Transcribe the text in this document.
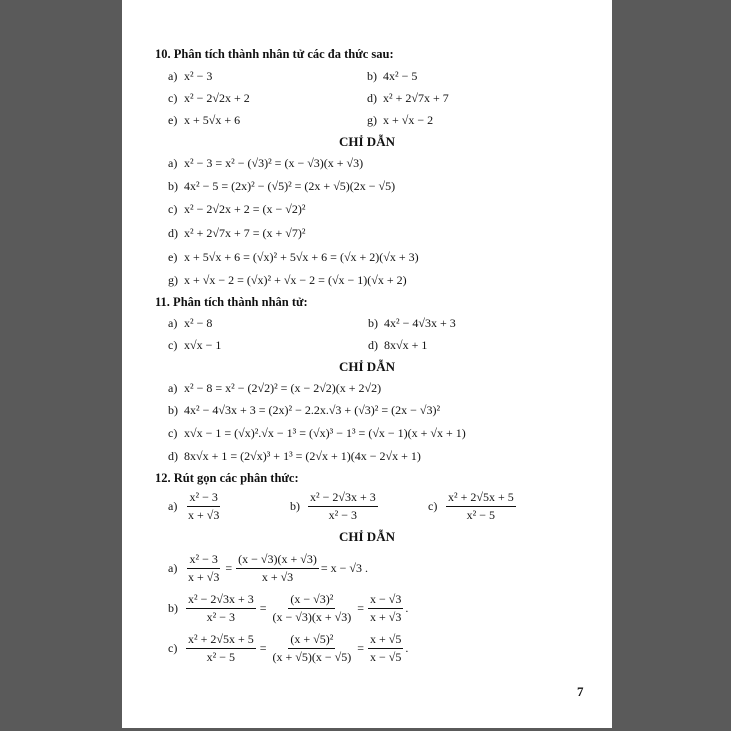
10. Phân tích thành nhân tử các đa thức sau:
a) x² − 3	b) 4x² − 5
c) x² − 2√2x + 2	d) x² + 2√7x + 7
e) x + 5√x + 6	g) x + √x − 2
CHỈ DẪN
a) x² − 3 = x² − (√3)² = (x − √3)(x + √3)
b) 4x² − 5 = (2x)² − (√5)² = (2x + √5)(2x − √5)
c) x² − 2√2x + 2 = (x − √2)²
d) x² + 2√7x + 7 = (x + √7)²
e) x + 5√x + 6 = (√x)² + 5√x + 6 = (√x + 2)(√x + 3)
g) x + √x − 2 = (√x)² + √x − 2 = (√x − 1)(√x + 2)
11. Phân tích thành nhân tử:
a) x² − 8	b) 4x² − 4√3x + 3
c) x√x − 1	d) 8x√x + 1
CHỈ DẪN
a) x² − 8 = x² − (2√2)² = (x − 2√2)(x + 2√2)
b) 4x² − 4√3x + 3 = (2x)² − 2.2x.√3 + (√3)² = (2x − √3)²
c) x√x − 1 = (√x)².√x − 1³ = (√x)³ − 1³ = (√x − 1)(x + √x + 1)
d) 8x√x + 1 = (2√x)³ + 1³ = (2√x + 1)(4x − 2√x + 1)
12. Rút gọn các phân thức:
$a) \frac{\text{x² − 3}}{x + √3}$	$b) \frac{\text{x² − 2√3x + 3}}{\text{x² − 3}}$	$c) \frac{\text{x² + 2√5x + 5}}{\text{x² − 5}}$
CHỈ DẪN
$a) \frac{\text{x² − 3}}{x + √3} = \frac{(x - √3)(x + √3)}{x + √3} = x - √3$ .
$b) \frac{\text{x² − 2√3x + 3}}{\text{x² − 3}} = \frac{\text{(x − √3)²}}{(x - √3)(x + √3)} = \frac{x - √3}{x + √3}$ .
$c) \frac{\text{x² + 2√5x + 5}}{\text{x² − 5}} = \frac{\text{(x + √5)²}}{(x + √5)(x - √5)} = \frac{x + √5}{x - √5}$ .
7
